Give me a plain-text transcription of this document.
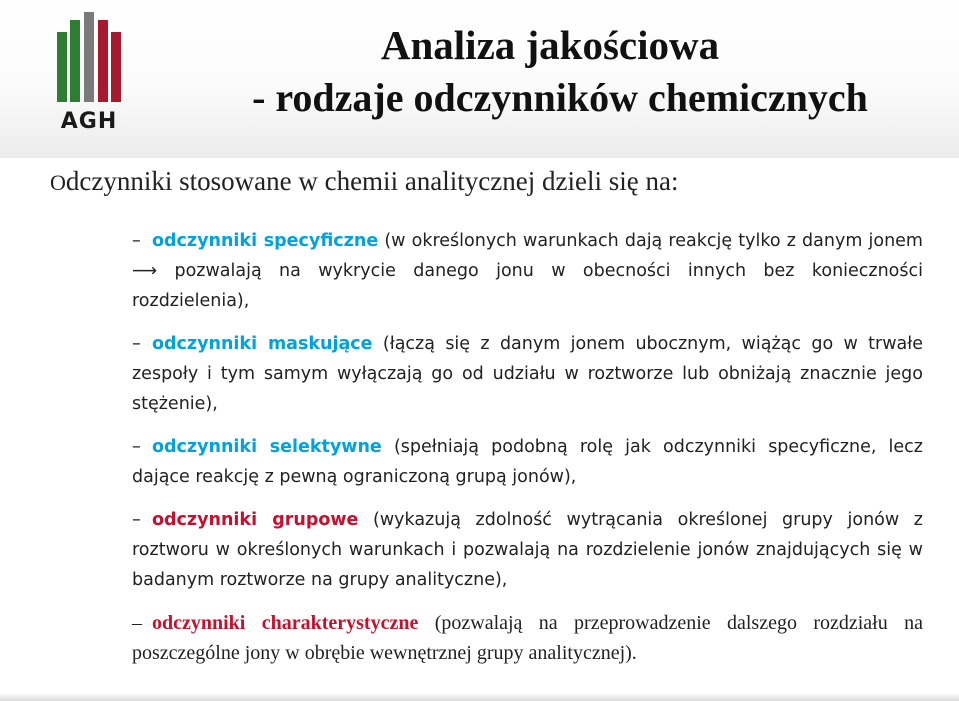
AGH
Analiza jakościowa
- rodzaje odczynników chemicznych
Odczynniki stosowane w chemii analitycznej dzieli się na:

– odczynniki specyficzne (w określonych warunkach dają reakcję tylko z danym jonem ⟶ pozwalają na wykrycie danego jonu w obecności innych bez konieczności rozdzielenia),

– odczynniki maskujące (łączą się z danym jonem ubocznym, wiążąc go w trwałe zespoły i tym samym wyłączają go od udziału w roztworze lub obniżają znacznie jego stężenie),

– odczynniki selektywne (spełniają podobną rolę jak odczynniki specyficzne, lecz dające reakcję z pewną ograniczoną grupą jonów),

– odczynniki grupowe (wykazują zdolność wytrącania określonej grupy jonów z roztworu w określonych warunkach i pozwalają na rozdzielenie jonów znajdujących się w badanym roztworze na grupy analityczne),

– odczynniki charakterystyczne (pozwalają na przeprowadzenie dalszego rozdziału na poszczególne jony w obrębie wewnętrznej grupy analitycznej).
